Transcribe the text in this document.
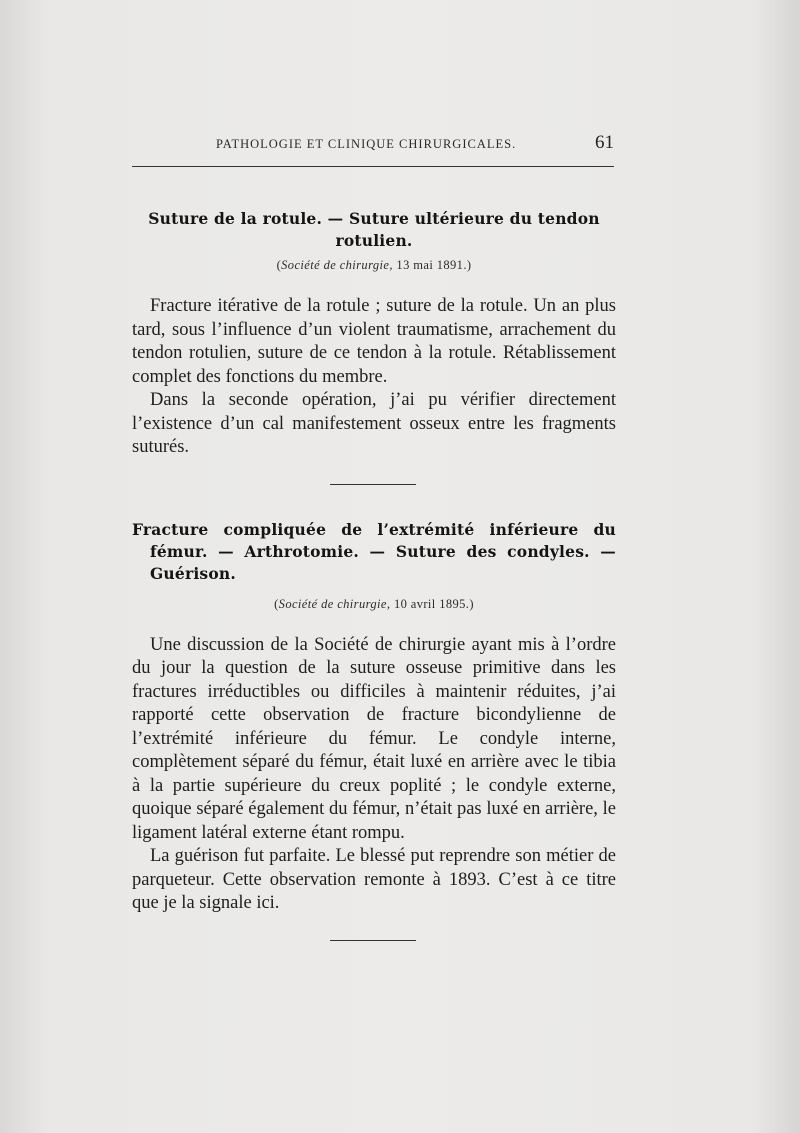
PATHOLOGIE ET CLINIQUE CHIRURGICALES.	61
Suture de la rotule. — Suture ultérieure du tendon rotulien.

(Société de chirurgie, 13 mai 1891.)

Fracture itérative de la rotule ; suture de la rotule. Un an plus tard, sous l’influence d’un violent traumatisme, arrachement du tendon rotulien, suture de ce tendon à la rotule. Rétablissement complet des fonctions du membre.

Dans la seconde opération, j’ai pu vérifier directement l’existence d’un cal manifestement osseux entre les fragments suturés.

Fracture compliquée de l’extrémité inférieure du fémur. — Arthrotomie. — Suture des condyles. — Guérison.

(Société de chirurgie, 10 avril 1895.)

Une discussion de la Société de chirurgie ayant mis à l’ordre du jour la question de la suture osseuse primitive dans les fractures irréductibles ou difficiles à maintenir réduites, j’ai rapporté cette observation de fracture bicondylienne de l’extrémité inférieure du fémur. Le condyle interne, complètement séparé du fémur, était luxé en arrière avec le tibia à la partie supérieure du creux poplité ; le condyle externe, quoique séparé également du fémur, n’était pas luxé en arrière, le ligament latéral externe étant rompu.

La guérison fut parfaite. Le blessé put reprendre son métier de parqueteur. Cette observation remonte à 1893. C’est à ce titre que je la signale ici.
